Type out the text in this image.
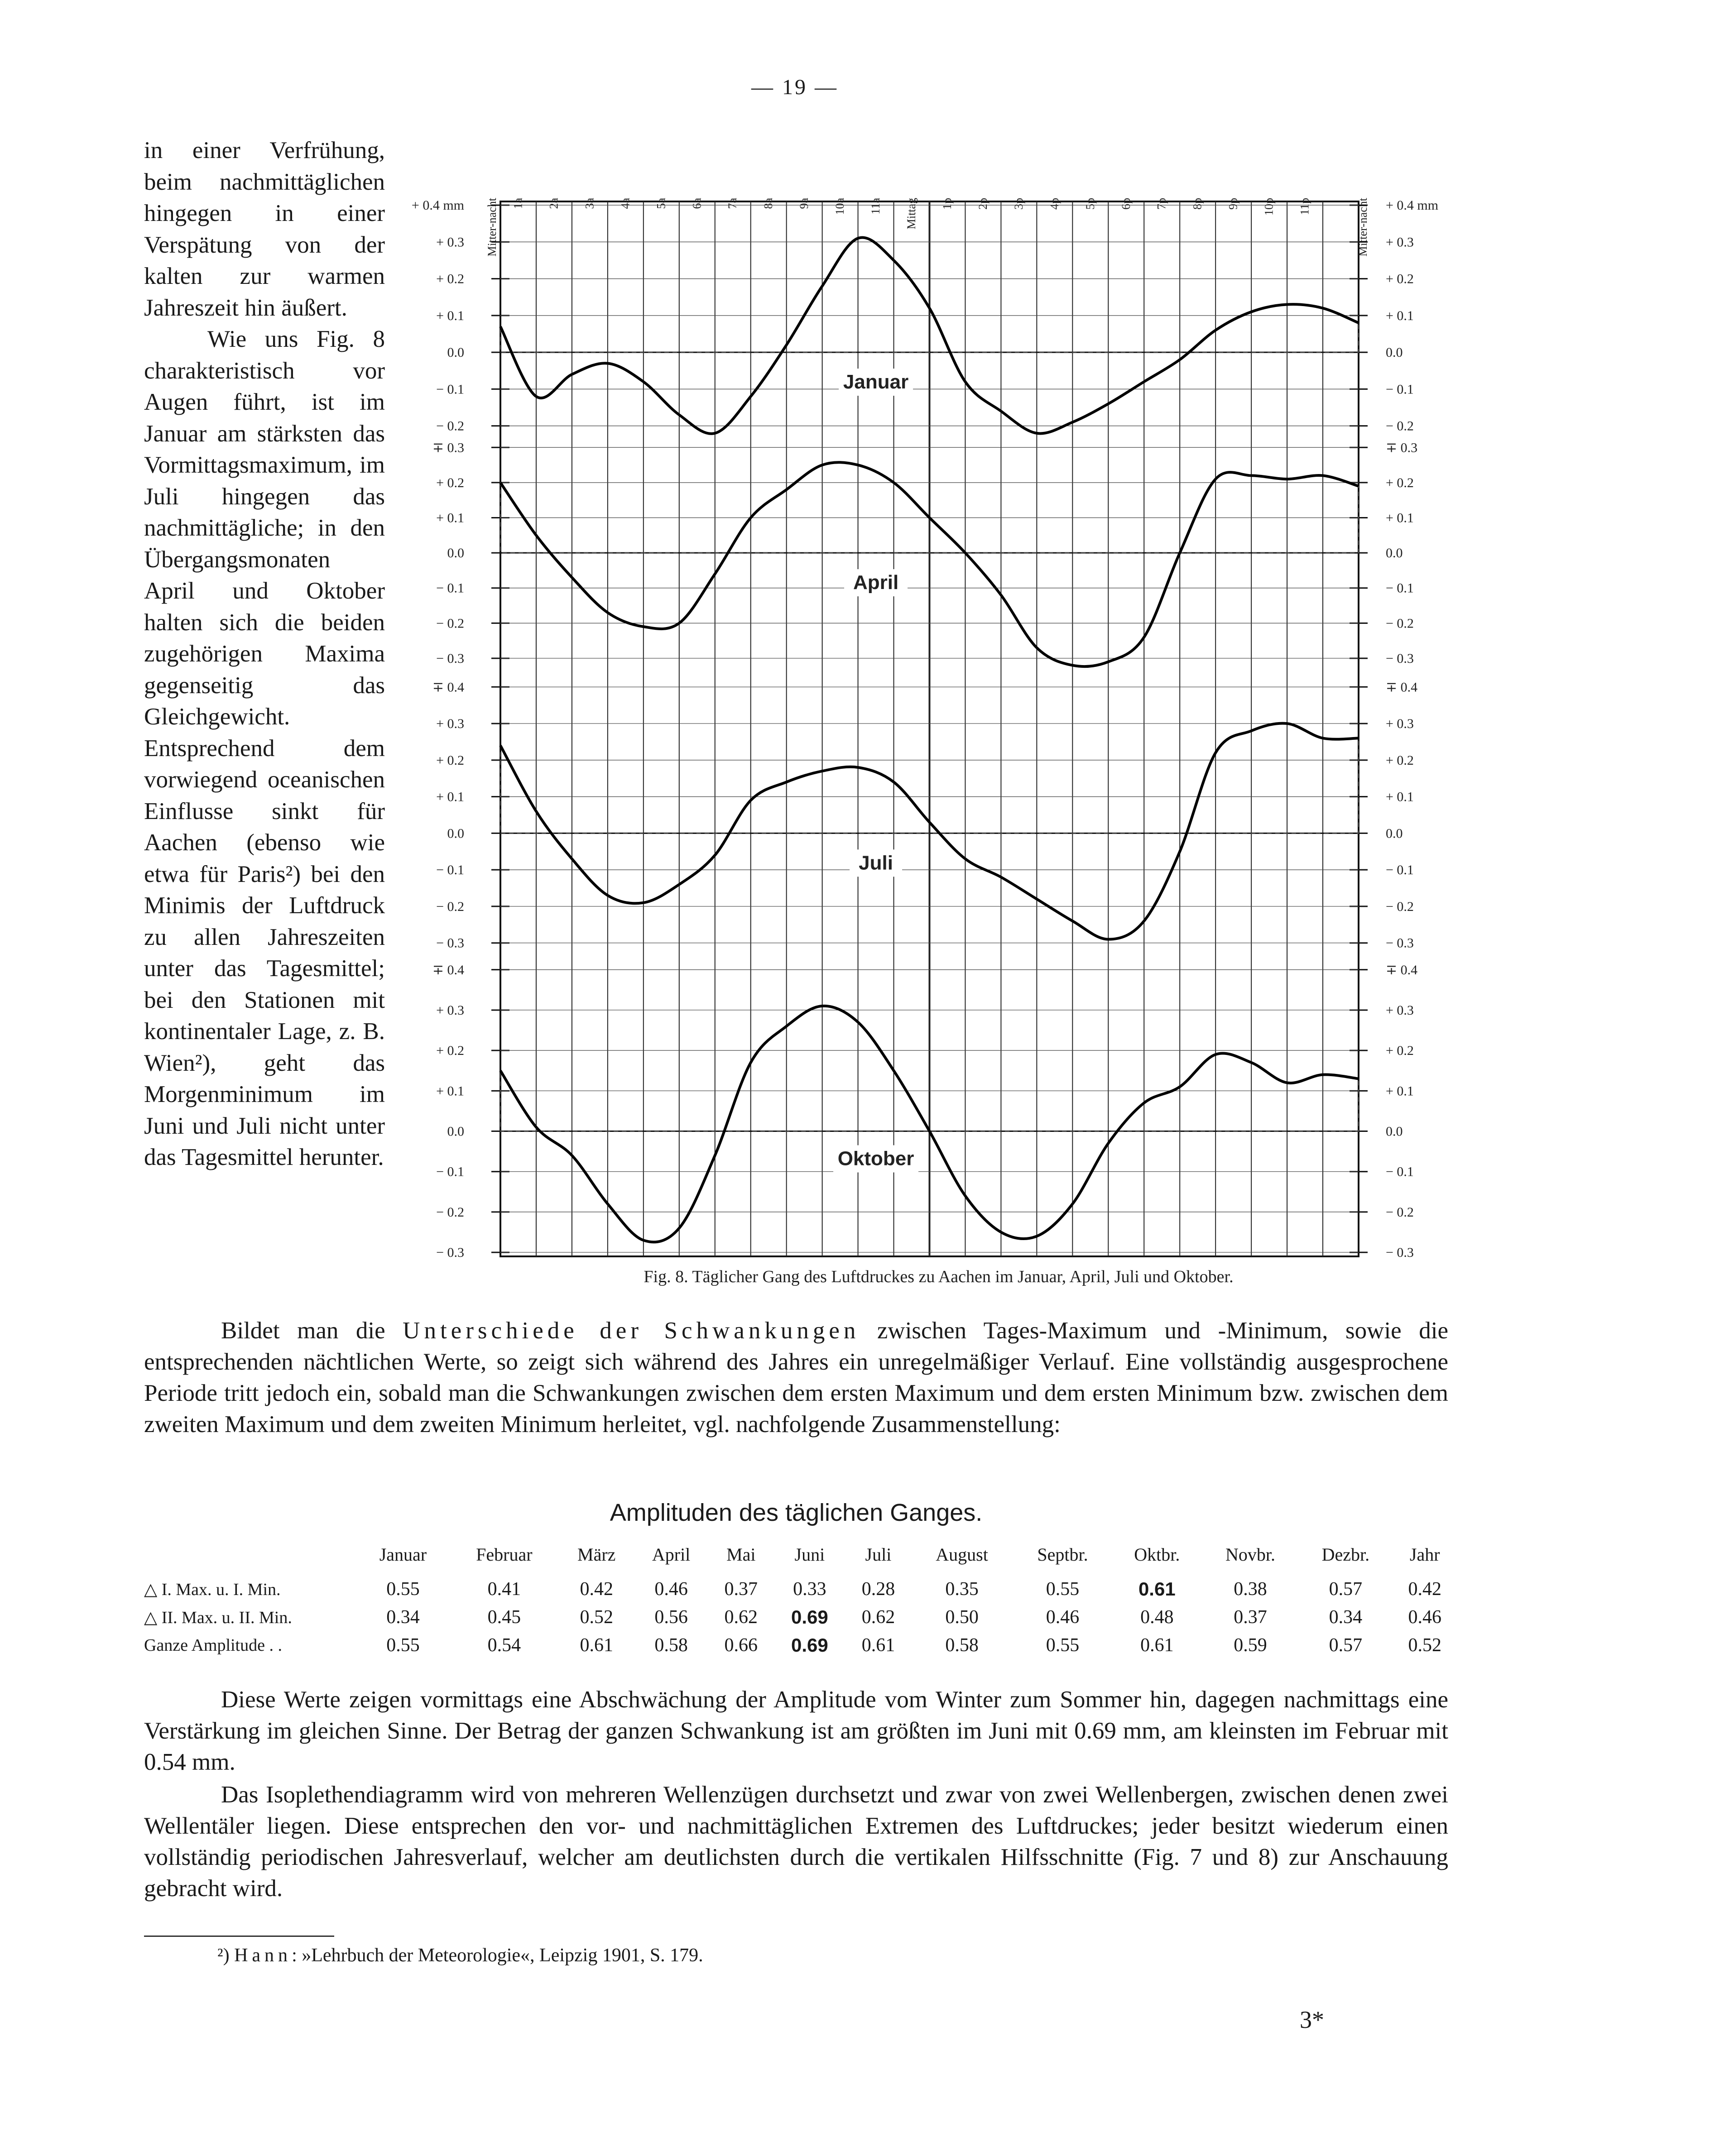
— 19 —

in einer Verfrühung, beim nachmittäglichen hingegen in einer Verspätung von der kalten zur warmen Jahreszeit hin äußert.

Wie uns Fig. 8 charakteristisch vor Augen führt, ist im Januar am stärksten das Vormittagsmaximum, im Juli hingegen das nachmittägliche; in den Übergangsmonaten April und Oktober halten sich die beiden zugehörigen Maxima gegenseitig das Gleichgewicht. Entsprechend dem vorwiegend oceanischen Einflusse sinkt für Aachen (ebenso wie etwa für Paris²) bei den Minimis der Luftdruck zu allen Jahreszeiten unter das Tagesmittel; bei den Stationen mit kontinentaler Lage, z. B. Wien²), geht das Morgenminimum im Juni und Juli nicht unter das Tagesmittel herunter.

Mitter-nacht 1a 2a 3a 4a 5a 6a 7a 8a 9a 10a 11a Mittag 1p 2p 3p 4p 5p 6p 7p 8p 9p 10p 11p	Mitter-nacht
+ 0.4 mm	+ 0.4 mm
+ 0.3	+ 0.3
+ 0.2	+ 0.2
+ 0.1	+ 0.1
0.0	0.0
− 0.1	− 0.1
− 0.2	− 0.2
Januar
∓ 0.3	∓ 0.3
+ 0.2	+ 0.2
+ 0.1	+ 0.1
0.0	0.0
− 0.1	− 0.1
− 0.2	− 0.2
− 0.3	− 0.3
April
∓ 0.4	∓ 0.4
+ 0.3	+ 0.3
+ 0.2	+ 0.2
+ 0.1	+ 0.1
0.0	0.0
− 0.1	− 0.1
− 0.2	− 0.2
− 0.3	− 0.3
Juli
∓ 0.4	∓ 0.4
+ 0.3	+ 0.3
+ 0.2	+ 0.2
+ 0.1	+ 0.1
0.0	0.0
− 0.1	− 0.1
− 0.2	− 0.2
− 0.3	− 0.3
Oktober
Fig. 8. Täglicher Gang des Luftdruckes zu Aachen im Januar, April, Juli und Oktober.

Bildet man die Unterschiede der Schwankungen zwischen Tages-Maximum und -Minimum, sowie die entsprechenden nächtlichen Werte, so zeigt sich während des Jahres ein unregelmäßiger Verlauf. Eine vollständig ausgesprochene Periode tritt jedoch ein, sobald man die Schwankungen zwischen dem ersten Maximum und dem ersten Minimum bzw. zwischen dem zweiten Maximum und dem zweiten Minimum herleitet, vgl. nachfolgende Zusammenstellung:

Amplituden des täglichen Ganges.
	Januar	Februar	März	April	Mai	Juni	Juli	August	Septbr.	Oktbr.	Novbr.	Dezbr.	Jahr
△ I. Max. u. I. Min.	0.55	0.41	0.42	0.46	0.37	0.33	0.28	0.35	0.55	0.61	0.38	0.57	0.42
△ II. Max. u. II. Min.	0.34	0.45	0.52	0.56	0.62	0.69	0.62	0.50	0.46	0.48	0.37	0.34	0.46
Ganze Amplitude . .	0.55	0.54	0.61	0.58	0.66	0.69	0.61	0.58	0.55	0.61	0.59	0.57	0.52

Diese Werte zeigen vormittags eine Abschwächung der Amplitude vom Winter zum Sommer hin, dagegen nachmittags eine Verstärkung im gleichen Sinne. Der Betrag der ganzen Schwankung ist am größten im Juni mit 0.69 mm, am kleinsten im Februar mit 0.54 mm.

Das Isoplethendiagramm wird von mehreren Wellenzügen durchsetzt und zwar von zwei Wellenbergen, zwischen denen zwei Wellentäler liegen. Diese entsprechen den vor- und nachmittäglichen Extremen des Luftdruckes; jeder besitzt wiederum einen vollständig periodischen Jahresverlauf, welcher am deutlichsten durch die vertikalen Hilfsschnitte (Fig. 7 und 8) zur Anschauung gebracht wird.

²) Hann: »Lehrbuch der Meteorologie«, Leipzig 1901, S. 179.
3*
